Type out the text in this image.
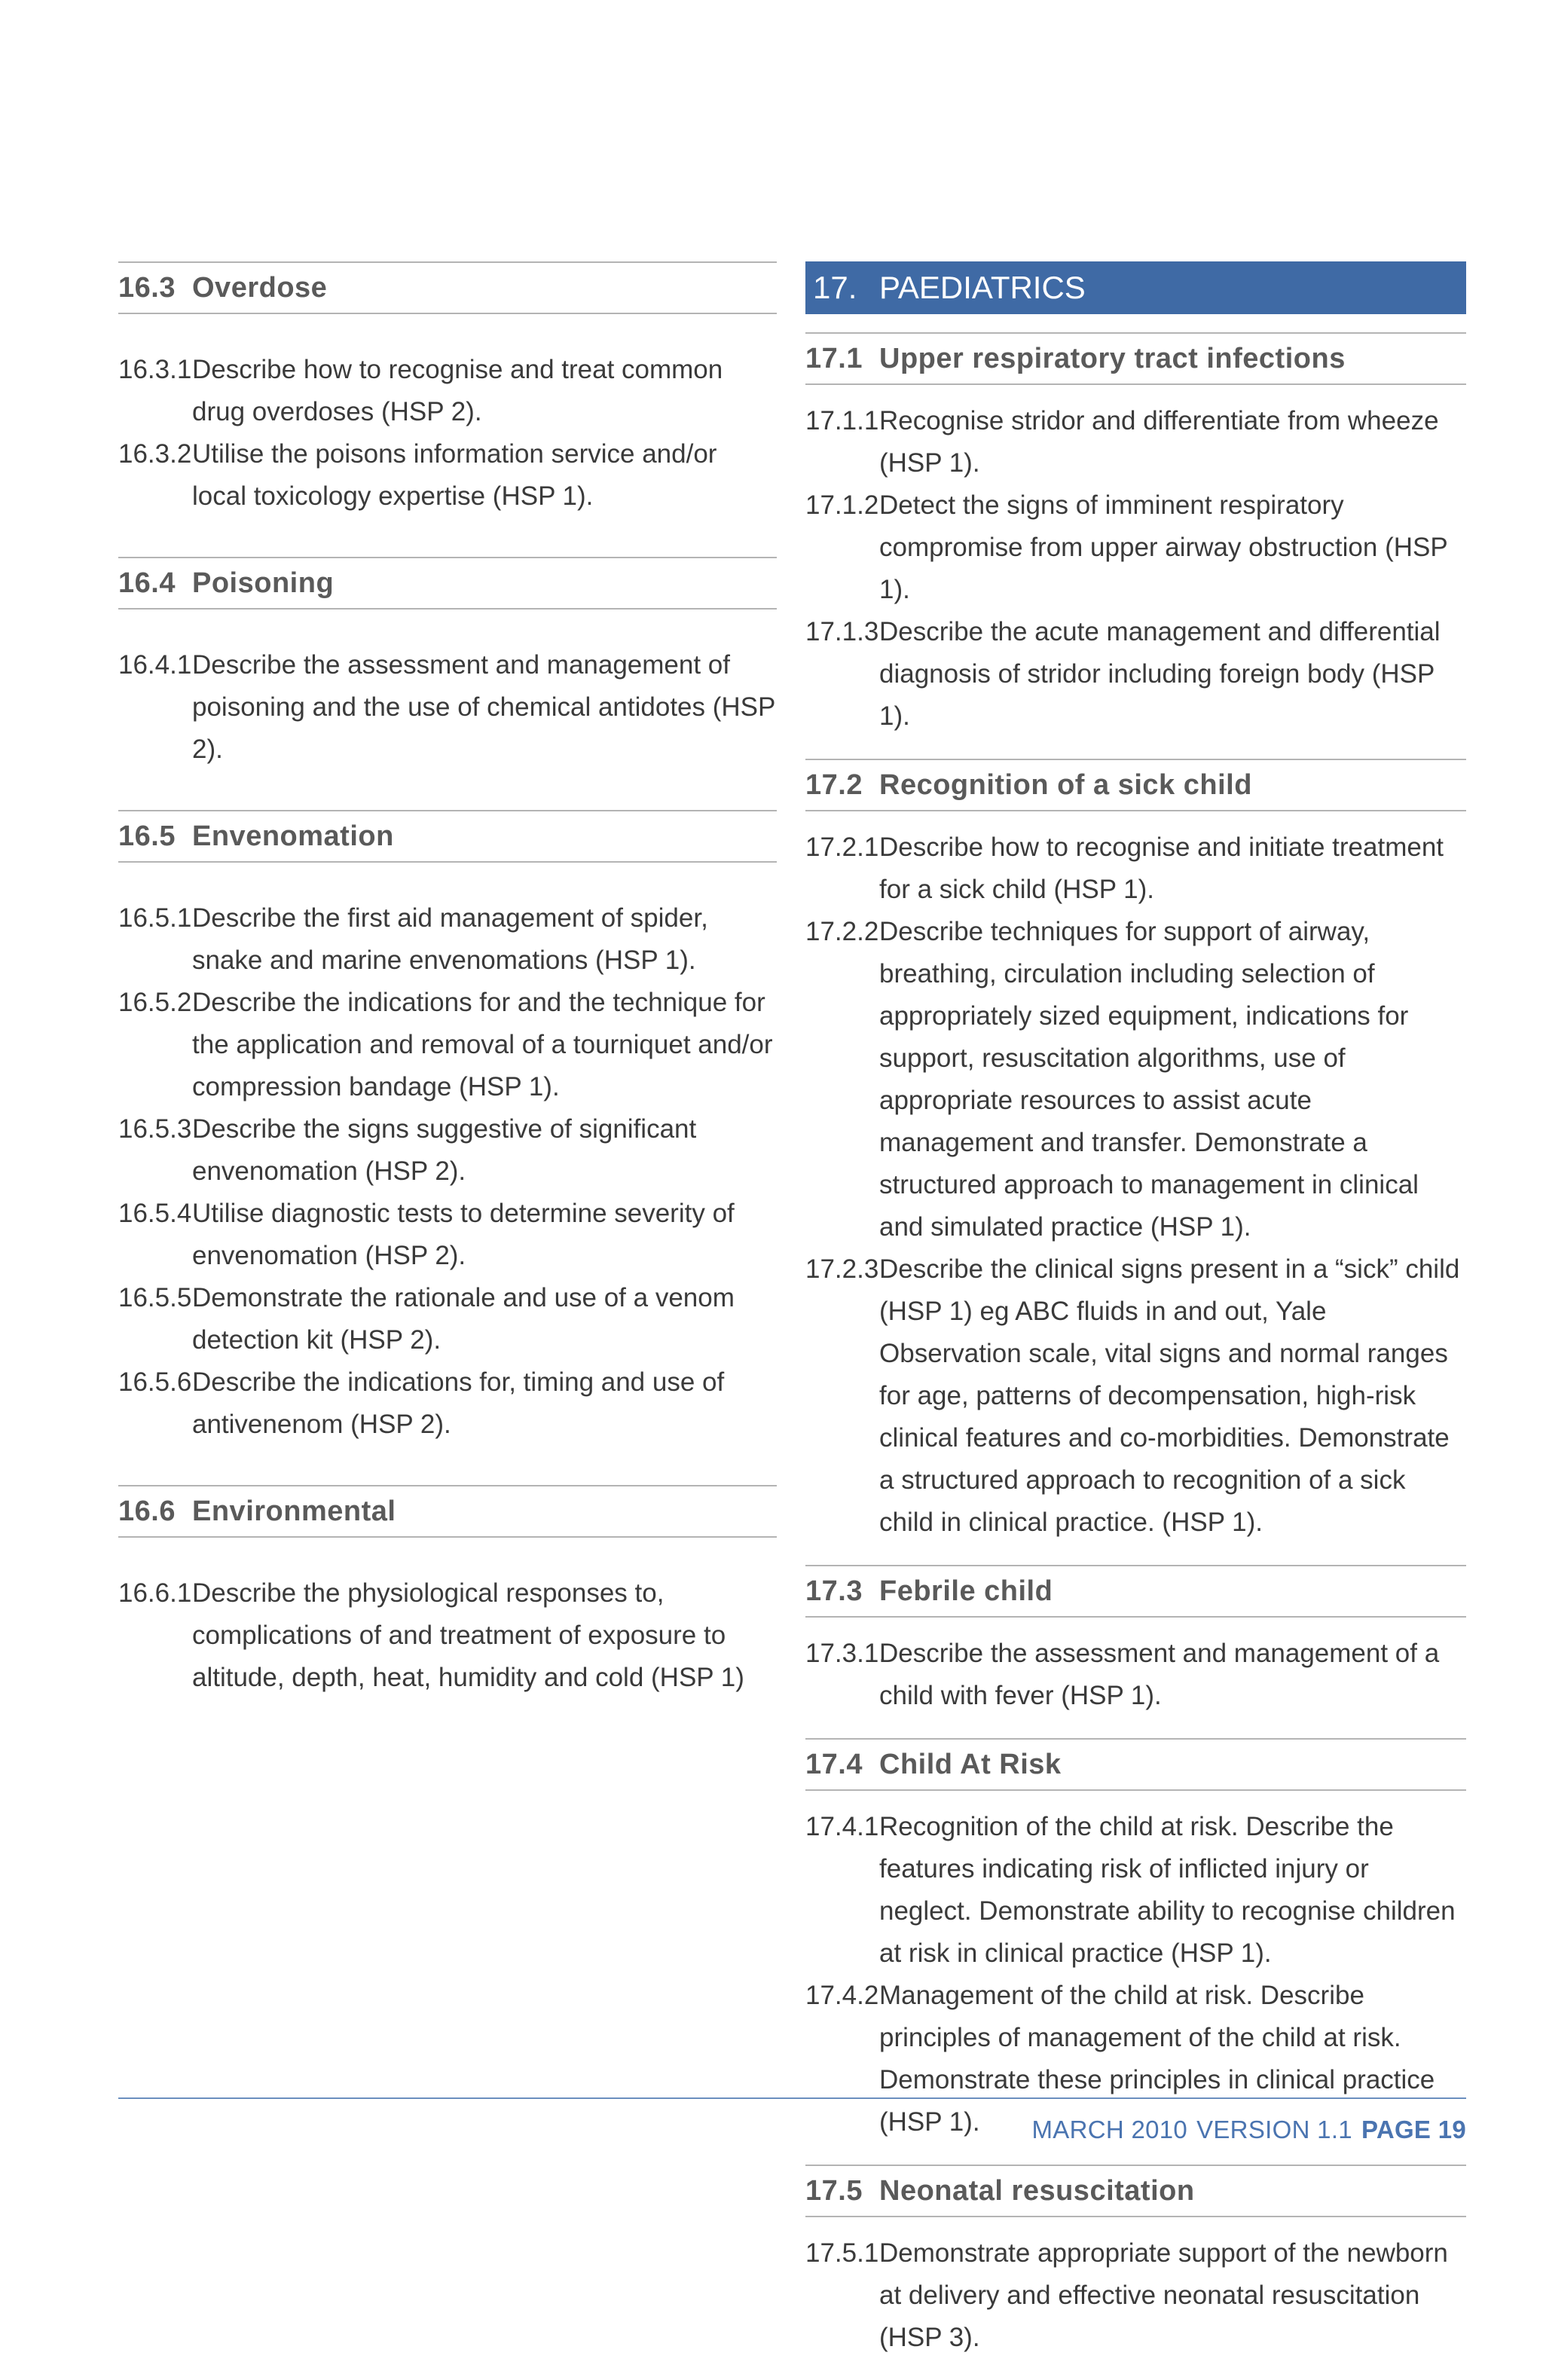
16.3 Overdose
16.3.1 Describe how to recognise and treat common drug overdoses (HSP 2).
16.3.2 Utilise the poisons information service and/or local toxicology expertise (HSP 1).
16.4 Poisoning
16.4.1 Describe the assessment and management of poisoning and the use of chemical antidotes (HSP 2).
16.5 Envenomation
16.5.1 Describe the first aid management of spider, snake and marine envenomations (HSP 1).
16.5.2 Describe the indications for and the technique for the application and removal of a tourniquet and/or compression bandage (HSP 1).
16.5.3 Describe the signs suggestive of significant envenomation (HSP 2).
16.5.4 Utilise diagnostic tests to determine severity of envenomation (HSP 2).
16.5.5 Demonstrate the rationale and use of a venom detection kit (HSP 2).
16.5.6 Describe the indications for, timing and use of antivenenom (HSP 2).
16.6 Environmental
16.6.1 Describe the physiological responses to, complications of and treatment of exposure to altitude, depth, heat, humidity and cold (HSP 1)
17. PAEDIATRICS
17.1 Upper respiratory tract infections
17.1.1 Recognise stridor and differentiate from wheeze (HSP 1).
17.1.2 Detect the signs of imminent respiratory compromise from upper airway obstruction (HSP 1).
17.1.3 Describe the acute management and differential diagnosis of stridor including foreign body (HSP 1).
17.2 Recognition of a sick child
17.2.1 Describe how to recognise and initiate treatment for a sick child (HSP 1).
17.2.2 Describe techniques for support of airway, breathing, circulation including selection of appropriately sized equipment, indications for support, resuscitation algorithms, use of appropriate resources to assist acute management and transfer. Demonstrate a structured approach to management in clinical and simulated practice (HSP 1).
17.2.3 Describe the clinical signs present in a “sick” child (HSP 1) eg ABC fluids in and out, Yale Observation scale, vital signs and normal ranges for age, patterns of decompensation, high-risk clinical features and co-morbidities. Demonstrate a structured approach to recognition of a sick child in clinical practice. (HSP 1).
17.3 Febrile child
17.3.1.
Describe the assessment and management of a child with fever (HSP 1).
17.4 Child At Risk
17.4.1 Recognition of the child at risk. Describe the features indicating risk of inflicted injury or neglect. Demonstrate ability to recognise children at risk in clinical practice (HSP 1).
17.4.2 Management of the child at risk. Describe principles of management of the child at risk. Demonstrate these principles in clinical practice (HSP 1).
17.5 Neonatal resuscitation
17.5.1 Demonstrate appropriate support of the newborn at delivery and effective neonatal resuscitation (HSP 3).
MARCH 2010 VERSION 1.1 PAGE 19
